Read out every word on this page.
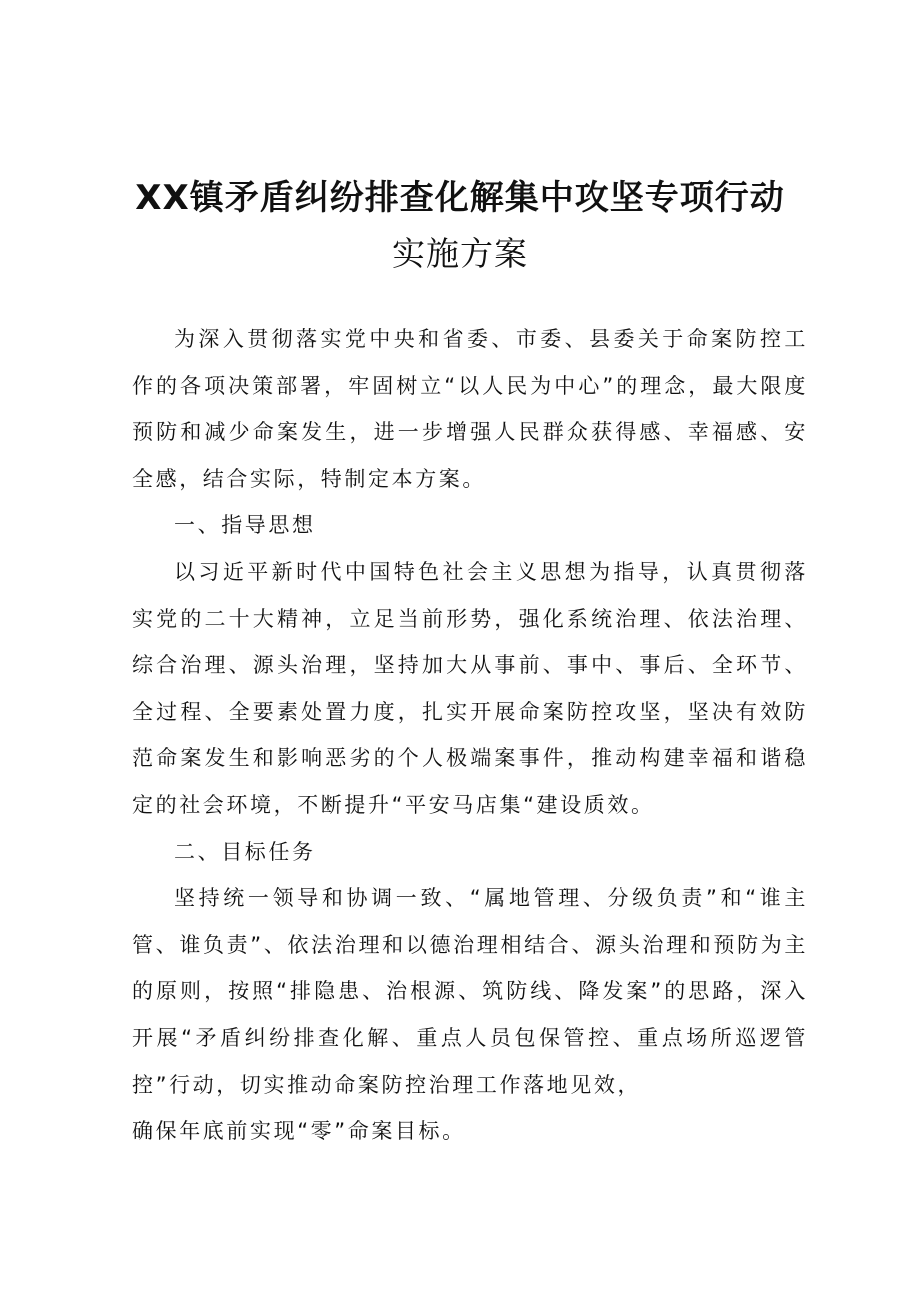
XX镇矛盾纠纷排查化解集中攻坚专项行动
实施方案

为深入贯彻落实党中央和省委、市委、县委关于命案防控工作的各项决策部署，牢固树立“以人民为中心”的理念，最大限度预防和减少命案发生，进一步增强人民群众获得感、幸福感、安全感，结合实际，特制定本方案。

一、指导思想

以习近平新时代中国特色社会主义思想为指导，认真贯彻落实党的二十大精神，立足当前形势，强化系统治理、依法治理、综合治理、源头治理，坚持加大从事前、事中、事后、全环节、全过程、全要素处置力度，扎实开展命案防控攻坚，坚决有效防范命案发生和影响恶劣的个人极端案事件，推动构建幸福和谐稳定的社会环境，不断提升“平安马店集“建设质效。

二、目标任务

坚持统一领导和协调一致、“属地管理、分级负责”和“谁主管、谁负责”、依法治理和以德治理相结合、源头治理和预防为主的原则，按照“排隐患、治根源、筑防线、降发案”的思路，深入开展“矛盾纠纷排查化解、重点人员包保管控、重点场所巡逻管控”行动，切实推动命案防控治理工作落地见效，

确保年底前实现“零”命案目标。
